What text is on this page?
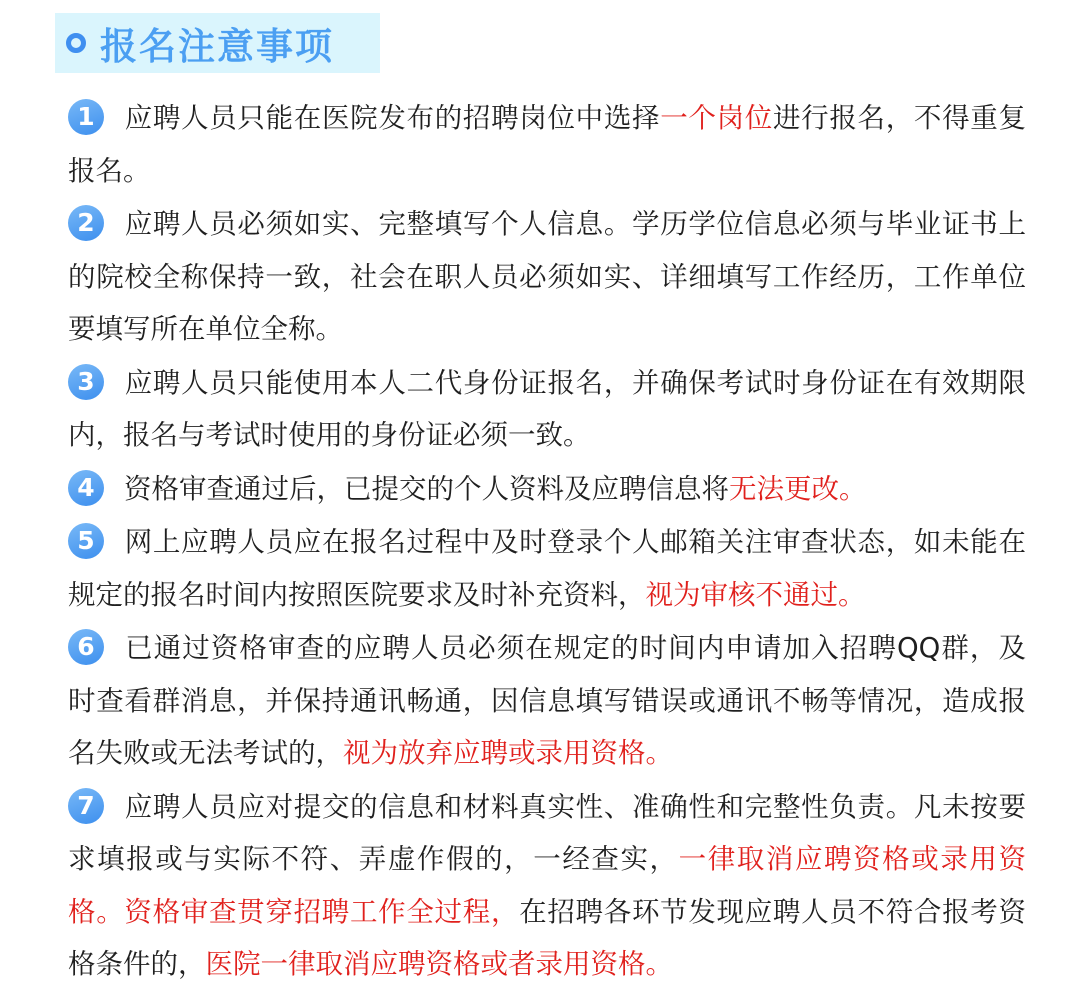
报名注意事项
1 应聘人员只能在医院发布的招聘岗位中选择一个岗位进行报名，不得重复
报名。
2 应聘人员必须如实、完整填写个人信息。学历学位信息必须与毕业证书上
的院校全称保持一致，社会在职人员必须如实、详细填写工作经历，工作单位
要填写所在单位全称。
3 应聘人员只能使用本人二代身份证报名，并确保考试时身份证在有效期限
内，报名与考试时使用的身份证必须一致。
4 资格审查通过后，已提交的个人资料及应聘信息将无法更改。
5 网上应聘人员应在报名过程中及时登录个人邮箱关注审查状态，如未能在
规定的报名时间内按照医院要求及时补充资料，视为审核不通过。
6 已通过资格审查的应聘人员必须在规定的时间内申请加入招聘QQ群，及
时查看群消息，并保持通讯畅通，因信息填写错误或通讯不畅等情况，造成报
名失败或无法考试的，视为放弃应聘或录用资格。
7 应聘人员应对提交的信息和材料真实性、准确性和完整性负责。凡未按要
求填报或与实际不符、弄虚作假的，一经查实，一律取消应聘资格或录用资
格。资格审查贯穿招聘工作全过程，在招聘各环节发现应聘人员不符合报考资
格条件的，医院一律取消应聘资格或者录用资格。
